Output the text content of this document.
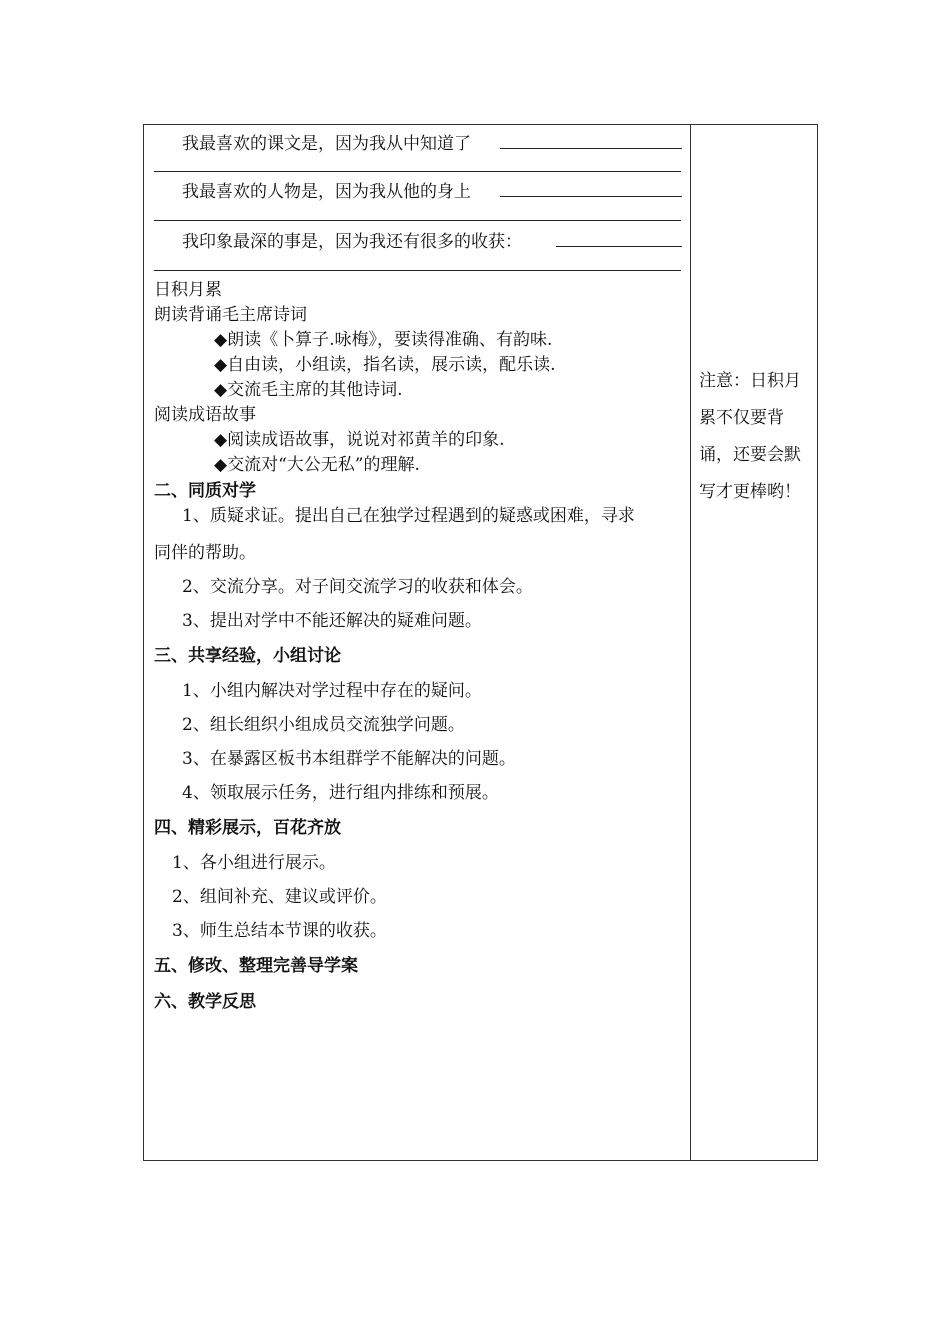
我最喜欢的课文是，因为我从中知道了
我最喜欢的人物是，因为我从他的身上
我印象最深的事是，因为我还有很多的收获：
日积月累
朗读背诵毛主席诗词
◆朗读《卜算子.咏梅》，要读得准确、有韵味.
◆自由读，小组读，指名读，展示读，配乐读.
◆交流毛主席的其他诗词.
阅读成语故事
◆阅读成语故事，说说对祁黄羊的印象.
◆交流对“大公无私”的理解.
二、同质对学
1、质疑求证。提出自己在独学过程遇到的疑惑或困难，寻求
同伴的帮助。
2、交流分享。对子间交流学习的收获和体会。
3、提出对学中不能还解决的疑难问题。
三、共享经验，小组讨论
1、小组内解决对学过程中存在的疑问。
2、组长组织小组成员交流独学问题。
3、在暴露区板书本组群学不能解决的问题。
4、领取展示任务，进行组内排练和预展。
四、精彩展示，百花齐放
1、各小组进行展示。
2、组间补充、建议或评价。
3、师生总结本节课的收获。
五、修改、整理完善导学案
六、教学反思
注意：日积月累不仅要背诵，还要会默写才更棒哟！
